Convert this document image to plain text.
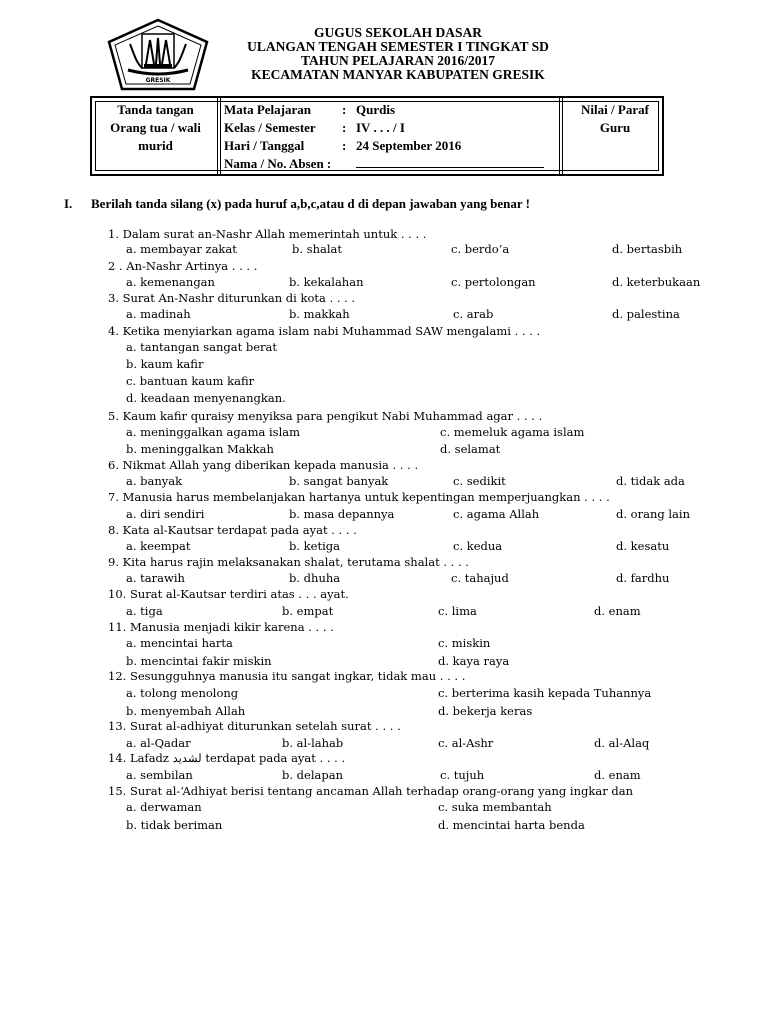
GRESIK
GUGUS SEKOLAH DASAR
ULANGAN TENGAH SEMESTER I TINGKAT SD
TAHUN PELAJARAN 2016/2017
KECAMATAN MANYAR KABUPATEN GRESIK
Tanda tangan
Orang tua / wali
murid
Mata Pelajaran : Qurdis
Kelas / Semester : IV . . . / I
Hari / Tanggal	: 24 September 2016
Nama / No. Absen :
Nilai / Paraf
Guru
I. Berilah tanda silang (x) pada huruf a,b,c,atau d di depan jawaban yang benar !
1. Dalam surat an-Nashr Allah memerintah untuk . . . .
a. membayar zakat	b. shalat	c. berdo’a	d. bertasbih
2 . An-Nashr Artinya . . . .
a. kemenangan	b. kekalahan	c. pertolongan	d. keterbukaan
3. Surat An-Nashr diturunkan di kota . . . .
a. madinah	b. makkah	c. arab	d. palestina
4. Ketika menyiarkan agama islam nabi Muhammad SAW mengalami . . . .
a. tantangan sangat berat
b. kaum kafir
c. bantuan kaum kafir
d. keadaan menyenangkan.
5. Kaum kafir quraisy menyiksa para pengikut Nabi Muhammad agar . . . .
a. meninggalkan agama islam	c. memeluk agama islam
b. meninggalkan Makkah	d. selamat
6. Nikmat Allah yang diberikan kepada manusia . . . .
a. banyak	b. sangat banyak	c. sedikit	d. tidak ada
7. Manusia harus membelanjakan hartanya untuk kepentingan memperjuangkan . . . .
a. diri sendiri	b. masa depannya	c. agama Allah	d. orang lain
8. Kata al-Kautsar terdapat pada ayat . . . .
a. keempat	b. ketiga	c. kedua	d. kesatu
9. Kita harus rajin melaksanakan shalat, terutama shalat . . . .
a. tarawih	b. dhuha	c. tahajud	d. fardhu
10. Surat al-Kautsar terdiri atas . . . ayat.
a. tiga	b. empat	c. lima	d. enam
11. Manusia menjadi kikir karena . . . .
a. mencintai harta	c. miskin
b. mencintai fakir miskin	d. kaya raya
12. Sesungguhnya manusia itu sangat ingkar, tidak mau . . . .
a. tolong menolong	c. berterima kasih kepada Tuhannya
b. menyembah Allah	d. bekerja keras
13. Surat al-adhiyat diturunkan setelah surat . . . .
a. al-Qadar	b. al-lahab	c. al-Ashr	d. al-Alaq
14. Lafadz لشديد terdapat pada ayat . . . .
a. sembilan	b. delapan	c. tujuh	d. enam
15. Surat al-‘Adhiyat berisi tentang ancaman Allah terhadap orang-orang yang ingkar dan
a. derwaman	c. suka membantah
b. tidak beriman	d. mencintai harta benda
